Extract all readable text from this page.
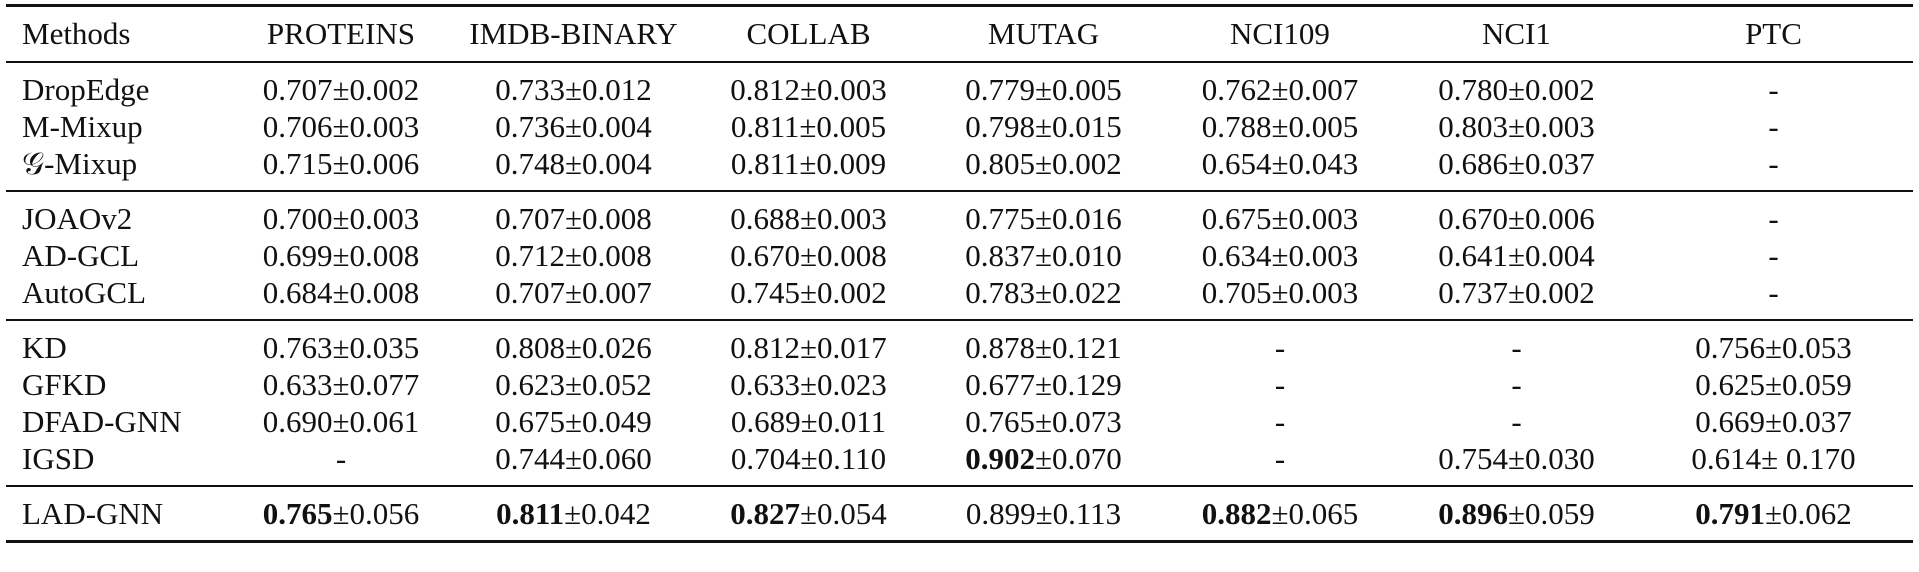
Methods	PROTEINS	IMDB-BINARY	COLLAB	MUTAG	NCI109	NCI1	PTC
DropEdge	0.707±0.002	0.733±0.012	0.812±0.003	0.779±0.005	0.762±0.007	0.780±0.002	-
M-Mixup	0.706±0.003	0.736±0.004	0.811±0.005	0.798±0.015	0.788±0.005	0.803±0.003	-
𝒢-Mixup	0.715±0.006	0.748±0.004	0.811±0.009	0.805±0.002	0.654±0.043	0.686±0.037	-
JOAOv2	0.700±0.003	0.707±0.008	0.688±0.003	0.775±0.016	0.675±0.003	0.670±0.006	-
AD-GCL	0.699±0.008	0.712±0.008	0.670±0.008	0.837±0.010	0.634±0.003	0.641±0.004	-
AutoGCL	0.684±0.008	0.707±0.007	0.745±0.002	0.783±0.022	0.705±0.003	0.737±0.002	-
KD	0.763±0.035	0.808±0.026	0.812±0.017	0.878±0.121	-	-	0.756±0.053
GFKD	0.633±0.077	0.623±0.052	0.633±0.023	0.677±0.129	-	-	0.625±0.059
DFAD-GNN	0.690±0.061	0.675±0.049	0.689±0.011	0.765±0.073	-	-	0.669±0.037
IGSD	-	0.744±0.060	0.704±0.110	0.902±0.070	-	0.754±0.030	0.614± 0.170
LAD-GNN	0.765±0.056	0.811±0.042	0.827±0.054	0.899±0.113	0.882±0.065	0.896±0.059	0.791±0.062
